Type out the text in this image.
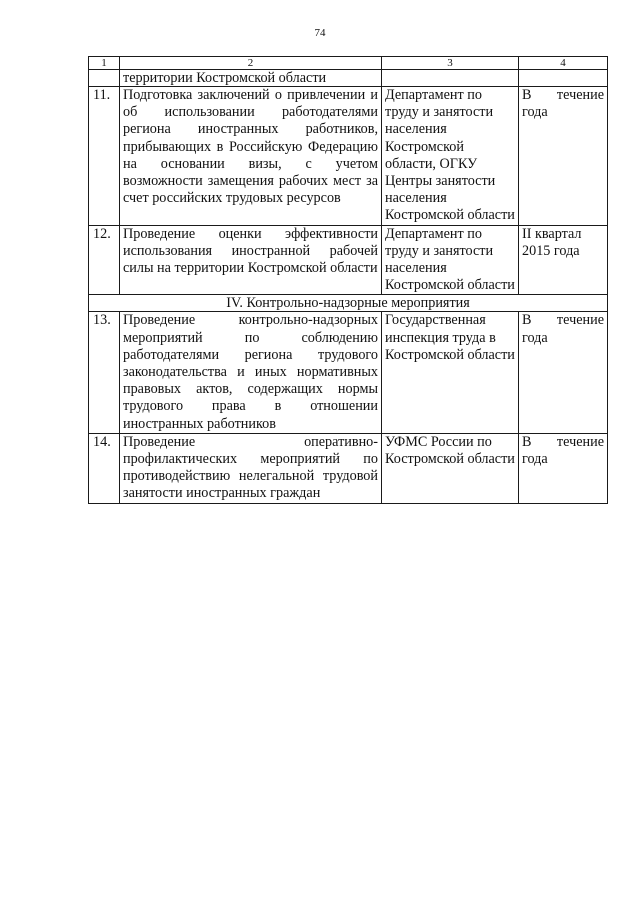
74
1	2	3	4
	территории Костромской области		
11.	Подготовка заключений о привлечении и об использовании работодателями региона иностранных работников, прибывающих в Российскую Федерацию на основании визы, с учетом возможности замещения рабочих мест за счет российских трудовых ресурсов	Департамент по труду и занятости населения Костромской области, ОГКУ Центры занятости населения Костромской области	В течение года
12.	Проведение оценки эффективности использования иностранной рабочей силы на территории Костромской области	Департамент по труду и занятости населения Костромской области	II квартал 2015 года
IV. Контрольно-надзорные мероприятия			
13.	Проведение контрольно-надзорных мероприятий по соблюдению работодателями региона трудового законодательства и иных нормативных правовых актов, содержащих нормы трудового права в отношении иностранных работников	Государственная инспекция труда в Костромской области	В течение года
14.	Проведение оперативно-профилактических мероприятий по противодействию нелегальной трудовой занятости иностранных граждан	УФМС России по Костромской области	В течение года
